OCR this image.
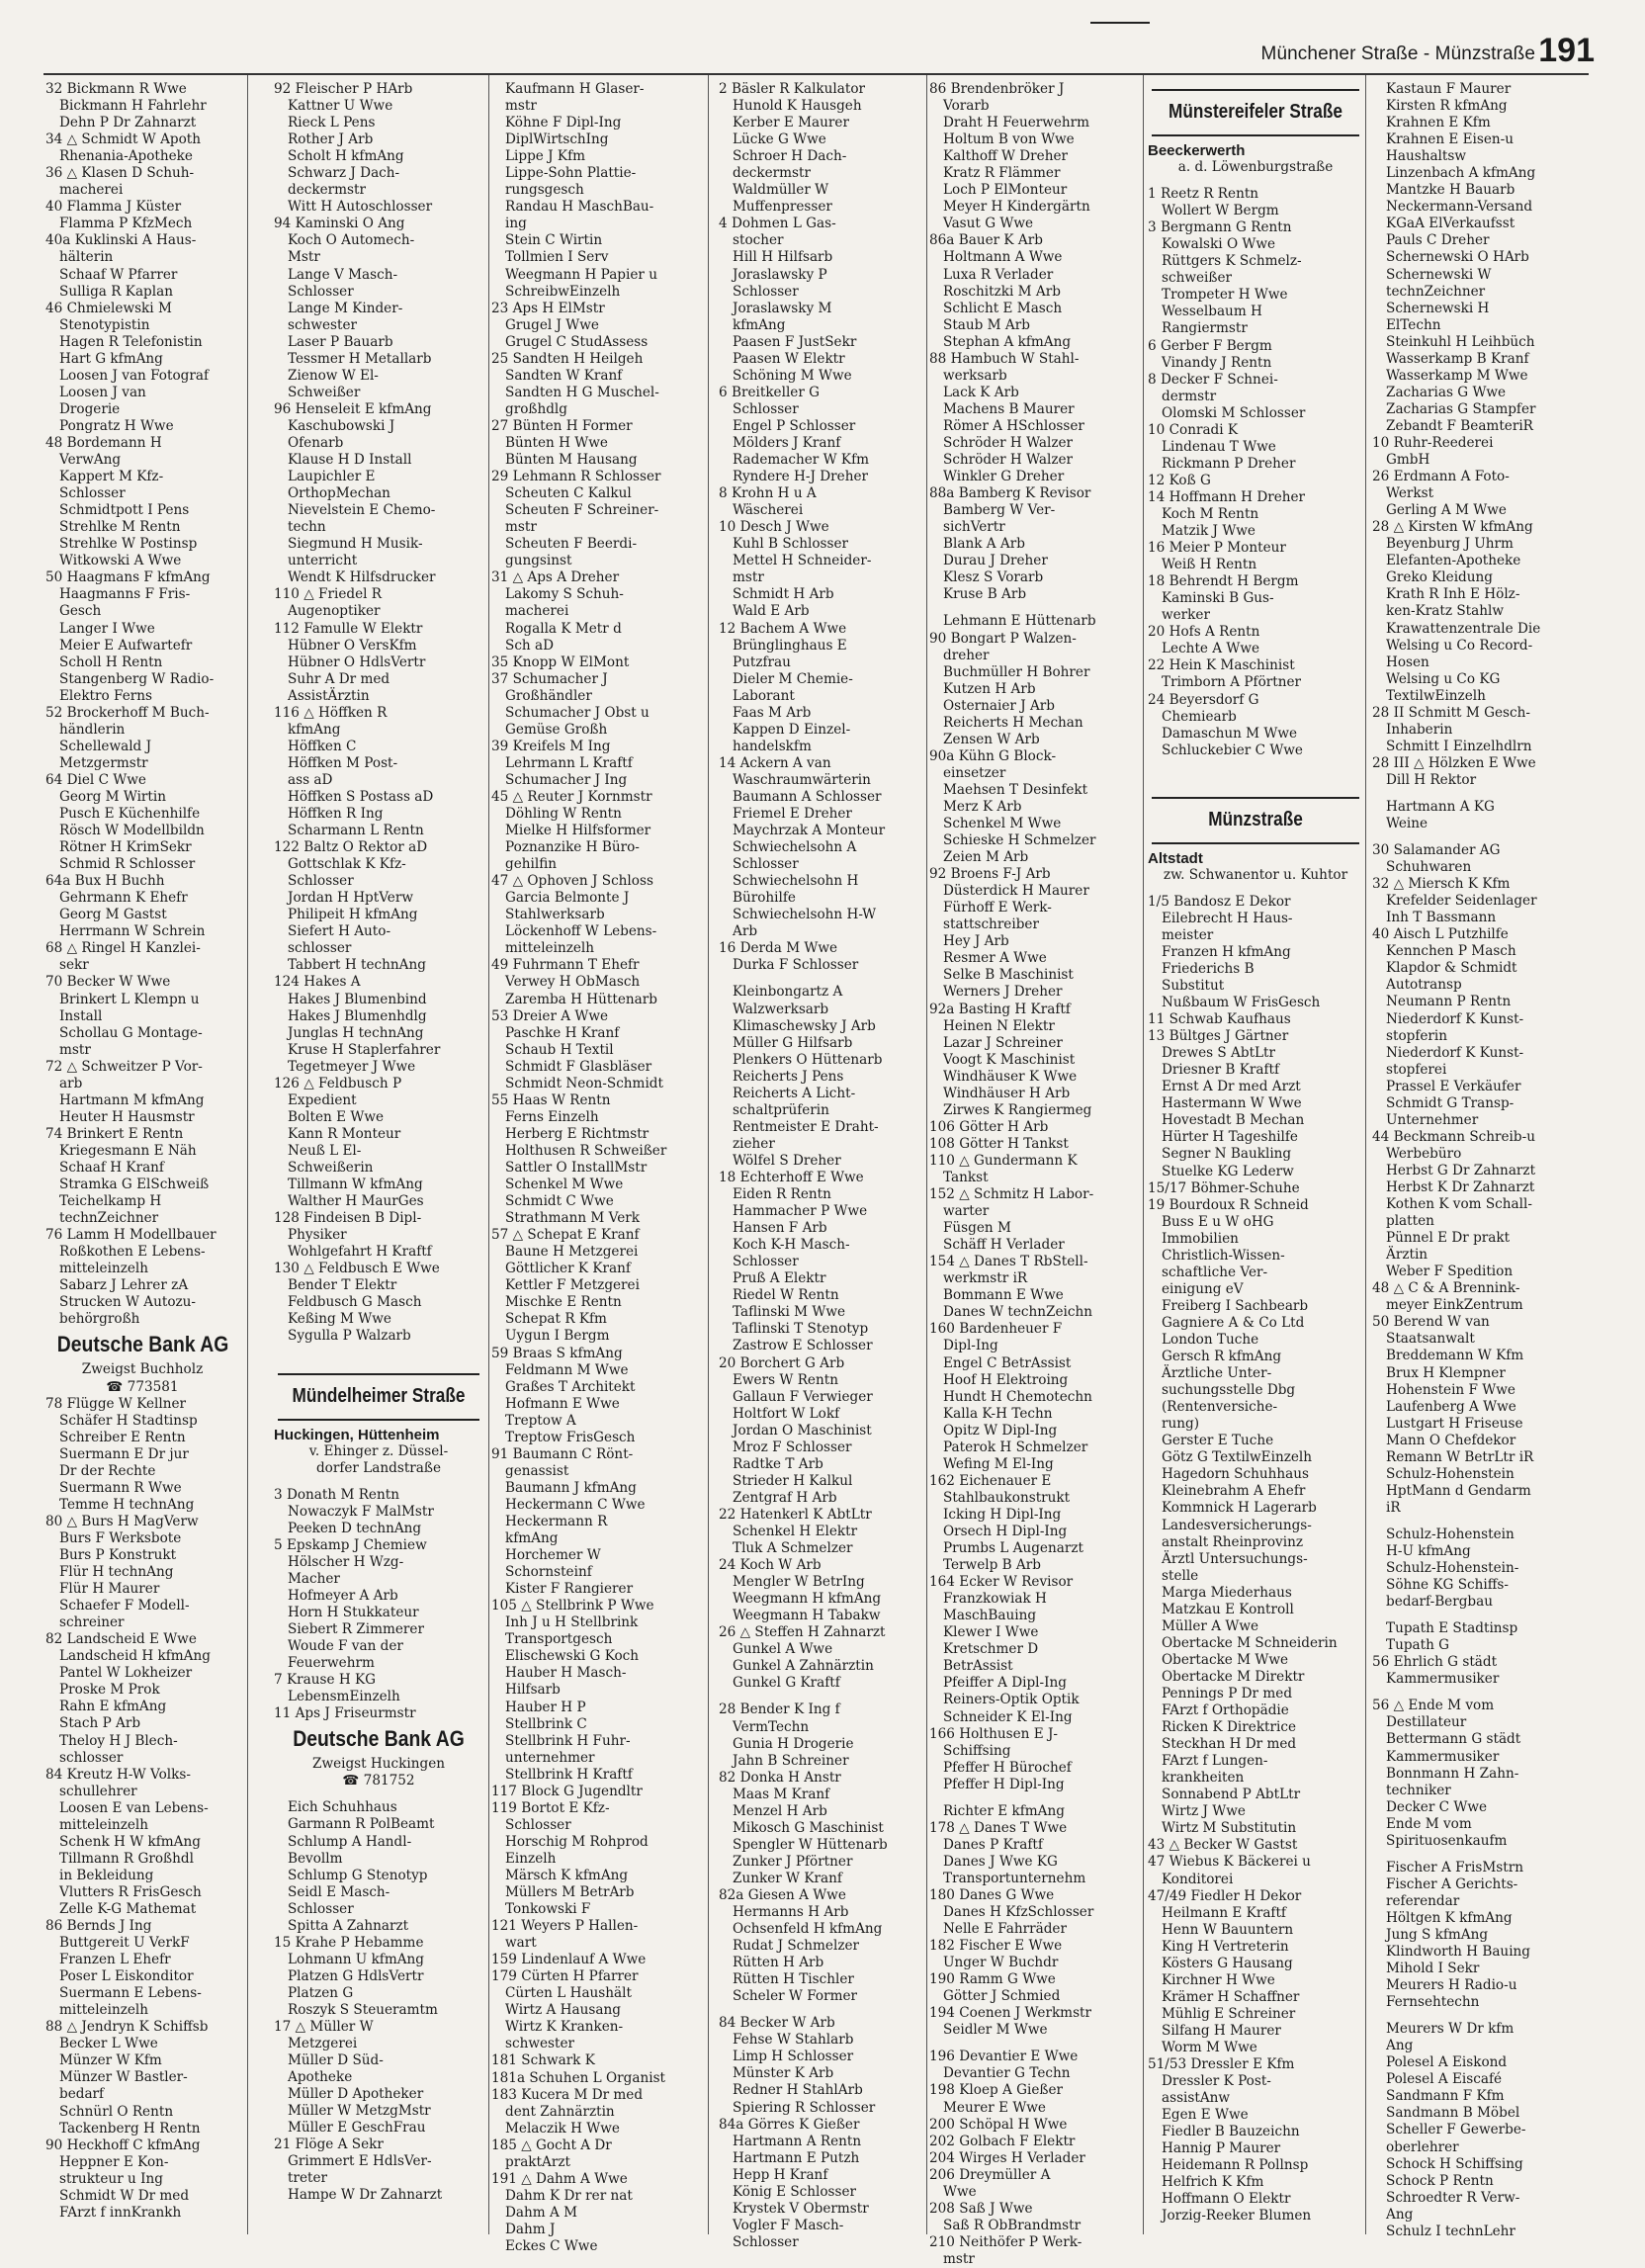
Münchener Straße - Münzstraße 191
32 Bickmann R Wwe
Bickmann H Fahrlehr
Dehn P Dr Zahnarzt
34 △ Schmidt W Apoth
Rhenania-Apotheke
36 △ Klasen D Schuh-
macherei
40 Flamma J Küster
Flamma P KfzMech
40a Kuklinski A Haus-
hälterin
Schaaf W Pfarrer
Sulliga R Kaplan
46 Chmielewski M
Stenotypistin
Hagen R Telefonistin
Hart G kfmAng
Loosen J van Fotograf
Loosen J van
Drogerie
Pongratz H Wwe
48 Bordemann H
VerwAng
Kappert M Kfz-
Schlosser
Schmidtpott I Pens
Strehlke M Rentn
Strehlke W Postinsp
Witkowski A Wwe
50 Haagmans F kfmAng
Haagmanns F Fris-
Gesch
Langer I Wwe
Meier E Aufwartefr
Scholl H Rentn
Stangenberg W Radio-
Elektro Ferns
52 Brockerhoff M Buch-
händlerin
Schellewald J
Metzgermstr
64 Diel C Wwe
Georg M Wirtin
Pusch E Küchenhilfe
Rösch W Modellbildn
Rötner H KrimSekr
Schmid R Schlosser
64a Bux H Buchh
Gehrmann K Ehefr
Georg M Gastst
Herrmann W Schrein
68 △ Ringel H Kanzlei-
sekr
70 Becker W Wwe
Brinkert L Klempn u
Install
Schollau G Montage-
mstr
72 △ Schweitzer P Vor-
arb
Hartmann M kfmAng
Heuter H Hausmstr
74 Brinkert E Rentn
Kriegesmann E Näh
Schaaf H Kranf
Stramka G ElSchweiß
Teichelkamp H
technZeichner
76 Lamm H Modellbauer
Roßkothen E Lebens-
mitteleinzelh
Sabarz J Lehrer zA
Strucken W Autozu-
behörgroßh
Deutsche Bank AG
Zweigst Buchholz
☎ 773581
78 Flügge W Kellner
Schäfer H Stadtinsp
Schreiber E Rentn
Suermann E Dr jur
Dr der Rechte
Suermann R Wwe
Temme H technAng
80 △ Burs H MagVerw
Burs F Werksbote
Burs P Konstrukt
Flür H technAng
Flür H Maurer
Schaefer F Modell-
schreiner
82 Landscheid E Wwe
Landscheid H kfmAng
Pantel W Lokheizer
Proske M Prok
Rahn E kfmAng
Stach P Arb
Theloy H J Blech-
schlosser
84 Kreutz H-W Volks-
schullehrer
Loosen E van Lebens-
mitteleinzelh
Schenk H W kfmAng
Tillmann R Großhdl
in Bekleidung
Vlutters R FrisGesch
Zelle K-G Mathemat
86 Bernds J Ing
Buttgereit U VerkF
Franzen L Ehefr
Poser L Eiskonditor
Suermann E Lebens-
mitteleinzelh
88 △ Jendryn K Schiffsb
Becker L Wwe
Münzer W Kfm
Münzer W Bastler-
bedarf
Schnürl O Rentn
Tackenberg H Rentn
90 Heckhoff C kfmAng
Heppner E Kon-
strukteur u Ing
Schmidt W Dr med
FArzt f innKrankh
92 Fleischer P HArb
Kattner U Wwe
Rieck L Pens
Rother J Arb
Scholt H kfmAng
Schwarz J Dach-
deckermstr
Witt H Autoschlosser
94 Kaminski O Ang
Koch O Automech-
Mstr
Lange V Masch-
Schlosser
Lange M Kinder-
schwester
Laser P Bauarb
Tessmer H Metallarb
Zienow W El-
Schweißer
96 Henseleit E kfmAng
Kaschubowski J
Ofenarb
Klause H D Install
Laupichler E
OrthopMechan
Nievelstein E Chemo-
techn
Siegmund H Musik-
unterricht
Wendt K Hilfsdrucker
110 △ Friedel R
Augenoptiker
112 Famulle W Elektr
Hübner O VersKfm
Hübner O HdlsVertr
Suhr A Dr med
AssistÄrztin
116 △ Höffken R
kfmAng
Höffken C
Höffken M Post-
ass aD
Höffken S Postass aD
Höffken R Ing
Scharmann L Rentn
122 Baltz O Rektor aD
Gottschlak K Kfz-
Schlosser
Jordan H HptVerw
Philipeit H kfmAng
Siefert H Auto-
schlosser
Tabbert H technAng
124 Hakes A
Hakes J Blumenbind
Hakes J Blumenhdlg
Junglas H technAng
Kruse H Staplerfahrer
Tegetmeyer J Wwe
126 △ Feldbusch P
Expedient
Bolten E Wwe
Kann R Monteur
Neuß L El-
Schweißerin
Tillmann W kfmAng
Walther H MaurGes
128 Findeisen B Dipl-
Physiker
Wohlgefahrt H Kraftf
130 △ Feldbusch E Wwe
Bender T Elektr
Feldbusch G Masch
Keßing M Wwe
Sygulla P Walzarb
Mündelheimer Straße
Huckingen, Hüttenheim
v. Ehinger z. Düssel-
dorfer Landstraße
3 Donath M Rentn
Nowaczyk F MalMstr
Peeken D technAng
5 Epskamp J Chemiew
Hölscher H Wzg-
Macher
Hofmeyer A Arb
Horn H Stukkateur
Siebert R Zimmerer
Woude F van der
Feuerwehrm
7 Krause H KG
LebensmEinzelh
11 Aps J Friseurmstr
Deutsche Bank AG
Zweigst Huckingen
☎ 781752
Eich Schuhhaus
Garmann R PolBeamt
Schlump A Handl-
Bevollm
Schlump G Stenotyp
Seidl E Masch-
Schlosser
Spitta A Zahnarzt
15 Krahe P Hebamme
Lohmann U kfmAng
Platzen G HdlsVertr
Platzen G
Roszyk S Steueramtm
17 △ Müller W
Metzgerei
Müller D Süd-
Apotheke
Müller D Apotheker
Müller W MetzgMstr
Müller E GeschFrau
21 Flöge A Sekr
Grimmert E HdlsVer-
treter
Hampe W Dr Zahnarzt
Kaufmann H Glaser-
mstr
Köhne F Dipl-Ing
DiplWirtschIng
Lippe J Kfm
Lippe-Sohn Plattie-
rungsgesch
Randau H MaschBau-
ing
Stein C Wirtin
Tollmien I Serv
Weegmann H Papier u
SchreibwEinzelh
23 Aps H ElMstr
Grugel J Wwe
Grugel C StudAssess
25 Sandten H Heilgeh
Sandten W Kranf
Sandten H G Muschel-
großhdlg
27 Bünten H Former
Bünten H Wwe
Bünten M Hausang
29 Lehmann R Schlosser
Scheuten C Kalkul
Scheuten F Schreiner-
mstr
Scheuten F Beerdi-
gungsinst
31 △ Aps A Dreher
Lakomy S Schuh-
macherei
Rogalla K Metr d
Sch aD
35 Knopp W ElMont
37 Schumacher J
Großhändler
Schumacher J Obst u
Gemüse Großh
39 Kreifels M Ing
Lehrmann L Kraftf
Schumacher J Ing
45 △ Reuter J Kornmstr
Döhling W Rentn
Mielke H Hilfsformer
Poznanzike H Büro-
gehilfin
47 △ Ophoven J Schloss
Garcia Belmonte J
Stahlwerksarb
Löckenhoff W Lebens-
mitteleinzelh
49 Fuhrmann T Ehefr
Verwey H ObMasch
Zaremba H Hüttenarb
53 Dreier A Wwe
Paschke H Kranf
Schaub H Textil
Schmidt F Glasbläser
Schmidt Neon-Schmidt
55 Haas W Rentn
Ferns Einzelh
Herberg E Richtmstr
Holthusen R Schweißer
Sattler O InstallMstr
Schenkel M Wwe
Schmidt C Wwe
Strathmann M Verk
57 △ Schepat E Kranf
Baune H Metzgerei
Göttlicher K Kranf
Kettler F Metzgerei
Mischke E Rentn
Schepat R Kfm
Uygun I Bergm
59 Braas S kfmAng
Feldmann M Wwe
Graßes T Architekt
Hofmann E Wwe
Treptow A
Treptow FrisGesch
91 Baumann C Rönt-
genassist
Baumann J kfmAng
Heckermann C Wwe
Heckermann R
kfmAng
Horchemer W
Schornsteinf
Kister F Rangierer
105 △ Stellbrink P Wwe
Inh J u H Stellbrink
Transportgesch
Elischewski G Koch
Hauber H Masch-
Hilfsarb
Hauber H P
Stellbrink C
Stellbrink H Fuhr-
unternehmer
Stellbrink H Kraftf
117 Block G Jugendltr
119 Bortot E Kfz-
Schlosser
Horschig M Rohprod
Einzelh
Märsch K kfmAng
Müllers M BetrArb
Tonkowski F
121 Weyers P Hallen-
wart
159 Lindenlauf A Wwe
179 Cürten H Pfarrer
Cürten L Haushält
Wirtz A Hausang
Wirtz K Kranken-
schwester
181 Schwark K
181a Schuhen L Organist
183 Kucera M Dr med
dent Zahnärztin
Melaczik H Wwe
185 △ Gocht A Dr
praktArzt
191 △ Dahm A Wwe
Dahm K Dr rer nat
Dahm A M
Dahm J
Eckes C Wwe
2 Bäsler R Kalkulator
Hunold K Hausgeh
Kerber E Maurer
Lücke G Wwe
Schroer H Dach-
deckermstr
Waldmüller W
Muffenpresser
4 Dohmen L Gas-
stocher
Hill H Hilfsarb
Joraslawsky P
Schlosser
Joraslawsky M
kfmAng
Paasen F JustSekr
Paasen W Elektr
Schöning M Wwe
6 Breitkeller G
Schlosser
Engel P Schlosser
Mölders J Kranf
Rademacher W Kfm
Ryndere H-J Dreher
8 Krohn H u A
Wäscherei
10 Desch J Wwe
Kuhl B Schlosser
Mettel H Schneider-
mstr
Schmidt H Arb
Wald E Arb
12 Bachem A Wwe
Brünglinghaus E
Putzfrau
Dieler M Chemie-
Laborant
Faas M Arb
Kappen D Einzel-
handelskfm
14 Ackern A van
Waschraumwärterin
Baumann A Schlosser
Friemel E Dreher
Maychrzak A Monteur
Schwiechelsohn A
Schlosser
Schwiechelsohn H
Bürohilfe
Schwiechelsohn H-W
Arb
16 Derda M Wwe
Durka F Schlosser
Kleinbongartz A
Walzwerksarb
Klimaschewsky J Arb
Müller G Hilfsarb
Plenkers O Hüttenarb
Reicherts J Pens
Reicherts A Licht-
schaltprüferin
Rentmeister E Draht-
zieher
Wölfel S Dreher
18 Echterhoff E Wwe
Eiden R Rentn
Hammacher P Wwe
Hansen F Arb
Koch K-H Masch-
Schlosser
Pruß A Elektr
Riedel W Rentn
Taflinski M Wwe
Taflinski T Stenotyp
Zastrow E Schlosser
20 Borchert G Arb
Ewers W Rentn
Gallaun F Verwieger
Holtfort W Lokf
Jordan O Maschinist
Mroz F Schlosser
Radtke T Arb
Strieder H Kalkul
Zentgraf H Arb
22 Hatenkerl K AbtLtr
Schenkel H Elektr
Tluk A Schmelzer
24 Koch W Arb
Mengler W BetrIng
Weegmann H kfmAng
Weegmann H Tabakw
26 △ Steffen H Zahnarzt
Gunkel A Wwe
Gunkel A Zahnärztin
Gunkel G Kraftf
28 Bender K Ing f
VermTechn
Gunia H Drogerie
Jahn B Schreiner
82 Donka H Anstr
Maas M Kranf
Menzel H Arb
Mikosch G Maschinist
Spengler W Hüttenarb
Zunker J Pförtner
Zunker W Kranf
82a Giesen A Wwe
Hermanns H Arb
Ochsenfeld H kfmAng
Rudat J Schmelzer
Rütten H Arb
Rütten H Tischler
Scheler W Former
84 Becker W Arb
Fehse W Stahlarb
Limp H Schlosser
Münster K Arb
Redner H StahlArb
Spiering R Schlosser
84a Görres K Gießer
Hartmann A Rentn
Hartmann E Putzh
Hepp H Kranf
König E Schlosser
Krystek V Obermstr
Vogler F Masch-
Schlosser
86 Brendenbröker J
Vorarb
Draht H Feuerwehrm
Holtum B von Wwe
Kalthoff W Dreher
Kratz R Flämmer
Loch P ElMonteur
Meyer H Kindergärtn
Vasut G Wwe
86a Bauer K Arb
Holtmann A Wwe
Luxa R Verlader
Roschitzki M Arb
Schlicht E Masch
Staub M Arb
Stephan A kfmAng
88 Hambuch W Stahl-
werksarb
Lack K Arb
Machens B Maurer
Römer A HSchlosser
Schröder H Walzer
Schröder H Walzer
Winkler G Dreher
88a Bamberg K Revisor
Bamberg W Ver-
sichVertr
Blank A Arb
Durau J Dreher
Klesz S Vorarb
Kruse B Arb
Lehmann E Hüttenarb
90 Bongart P Walzen-
dreher
Buchmüller H Bohrer
Kutzen H Arb
Osternaier J Arb
Reicherts H Mechan
Zensen W Arb
90a Kühn G Block-
einsetzer
Maehsen T Desinfekt
Merz K Arb
Schenkel M Wwe
Schieske H Schmelzer
Zeien M Arb
92 Broens F-J Arb
Düsterdick H Maurer
Fürhoff E Werk-
stattschreiber
Hey J Arb
Resmer A Wwe
Selke B Maschinist
Werners J Dreher
92a Basting H Kraftf
Heinen N Elektr
Lazar J Schreiner
Voogt K Maschinist
Windhäuser K Wwe
Windhäuser H Arb
Zirwes K Rangiermeg
106 Götter H Arb
108 Götter H Tankst
110 △ Gundermann K
Tankst
152 △ Schmitz H Labor-
warter
Füsgen M
Schäff H Verlader
154 △ Danes T RbStell-
werkmstr iR
Bommann E Wwe
Danes W technZeichn
160 Bardenheuer F
Dipl-Ing
Engel C BetrAssist
Hoof H Elektroing
Hundt H Chemotechn
Kalla K-H Techn
Opitz W Dipl-Ing
Paterok H Schmelzer
Wefing M El-Ing
162 Eichenauer E
Stahlbaukonstrukt
Icking H Dipl-Ing
Orsech H Dipl-Ing
Prumbs L Augenarzt
Terwelp B Arb
164 Ecker W Revisor
Franzkowiak H
MaschBauing
Klewer I Wwe
Kretschmer D
BetrAssist
Pfeiffer A Dipl-Ing
Reiners-Optik Optik
Schneider K El-Ing
166 Holthusen E J-
Schiffsing
Pfeffer H Bürochef
Pfeffer H Dipl-Ing
Richter E kfmAng
178 △ Danes T Wwe
Danes P Kraftf
Danes J Wwe KG
Transportunternehm
180 Danes G Wwe
Danes H KfzSchlosser
Nelle E Fahrräder
182 Fischer E Wwe
Unger W Buchdr
190 Ramm G Wwe
Götter J Schmied
194 Coenen J Werkmstr
Seidler M Wwe
196 Devantier E Wwe
Devantier G Techn
198 Kloep A Gießer
Meurer E Wwe
200 Schöpal H Wwe
202 Golbach F Elektr
204 Wirges H Verlader
206 Dreymüller A
Wwe
208 Saß J Wwe
Saß R ObBrandmstr
210 Neithöfer P Werk-
mstr
Münstereifeler Straße
Beeckerwerth
a. d. Löwenburgstraße
1 Reetz R Rentn
Wollert W Bergm
3 Bergmann G Rentn
Kowalski O Wwe
Rüttgers K Schmelz-
schweißer
Trompeter H Wwe
Wesselbaum H
Rangiermstr
6 Gerber F Bergm
Vinandy J Rentn
8 Decker F Schnei-
dermstr
Olomski M Schlosser
10 Conradi K
Lindenau T Wwe
Rickmann P Dreher
12 Koß G
14 Hoffmann H Dreher
Koch M Rentn
Matzik J Wwe
16 Meier P Monteur
Weiß H Rentn
18 Behrendt H Bergm
Kaminski B Gus-
werker
20 Hofs A Rentn
Lechte A Wwe
22 Hein K Maschinist
Trimborn A Pförtner
24 Beyersdorf G
Chemiearb
Damaschun M Wwe
Schluckebier C Wwe
Münzstraße
Altstadt
zw. Schwanentor u. Kuhtor
1/5 Bandosz E Dekor
Eilebrecht H Haus-
meister
Franzen H kfmAng
Friederichs B
Substitut
Nußbaum W FrisGesch
11 Schwab Kaufhaus
13 Bültges J Gärtner
Drewes S AbtLtr
Driesner B Kraftf
Ernst A Dr med Arzt
Hastermann W Wwe
Hovestadt B Mechan
Hürter H Tageshilfe
Segner N Baukling
Stuelke KG Lederw
15/17 Böhmer-Schuhe
19 Bourdoux R Schneid
Buss E u W oHG
Immobilien
Christlich-Wissen-
schaftliche Ver-
einigung eV
Freiberg I Sachbearb
Gagniere A & Co Ltd
London Tuche
Gersch R kfmAng
Ärztliche Unter-
suchungsstelle Dbg
(Rentenversiche-
rung)
Gerster E Tuche
Götz G TextilwEinzelh
Hagedorn Schuhhaus
Kleinebrahm A Ehefr
Kommnick H Lagerarb
Landesversicherungs-
anstalt Rheinprovinz
Ärztl Untersuchungs-
stelle
Marga Miederhaus
Matzkau E Kontroll
Müller A Wwe
Obertacke M Schneiderin
Obertacke M Wwe
Obertacke M Direktr
Pennings P Dr med
FArzt f Orthopädie
Ricken K Direktrice
Steckhan H Dr med
FArzt f Lungen-
krankheiten
Sonnabend P AbtLtr
Wirtz J Wwe
Wirtz M Substitutin
43 △ Becker W Gastst
47 Wiebus K Bäckerei u
Konditorei
47/49 Fiedler H Dekor
Heilmann E Kraftf
Henn W Bauuntern
King H Vertreterin
Kösters G Hausang
Kirchner H Wwe
Krämer H Schaffner
Mühlig E Schreiner
Silfang H Maurer
Worm M Wwe
51/53 Dressler E Kfm
Dressler K Post-
assistAnw
Egen E Wwe
Fiedler B Bauzeichn
Hannig P Maurer
Heidemann R Pollnsp
Helfrich K Kfm
Hoffmann O Elektr
Jorzig-Reeker Blumen
Kastaun F Maurer
Kirsten R kfmAng
Krahnen E Kfm
Krahnen E Eisen-u
Haushaltsw
Linzenbach A kfmAng
Mantzke H Bauarb
Neckermann-Versand
KGaA ElVerkaufsst
Pauls C Dreher
Schernewski O HArb
Schernewski W
technZeichner
Schernewski H
ElTechn
Steinkuhl H Leihbüch
Wasserkamp B Kranf
Wasserkamp M Wwe
Zacharias G Wwe
Zacharias G Stampfer
Zebandt F BeamteriR
10 Ruhr-Reederei
GmbH
26 Erdmann A Foto-
Werkst
Gerling A M Wwe
28 △ Kirsten W kfmAng
Beyenburg J Uhrm
Elefanten-Apotheke
Greko Kleidung
Krath R Inh E Hölz-
ken-Kratz Stahlw
Krawattenzentrale Die
Welsing u Co Record-
Hosen
Welsing u Co KG
TextilwEinzelh
28 II Schmitt M Gesch-
Inhaberin
Schmitt I Einzelhdlrn
28 III △ Hölzken E Wwe
Dill H Rektor
Hartmann A KG
Weine
30 Salamander AG
Schuhwaren
32 △ Miersch K Kfm
Krefelder Seidenlager
Inh T Bassmann
40 Aisch L Putzhilfe
Kennchen P Masch
Klapdor & Schmidt
Autotransp
Neumann P Rentn
Niederdorf K Kunst-
stopferin
Niederdorf K Kunst-
stopferei
Prassel E Verkäufer
Schmidt G Transp-
Unternehmer
44 Beckmann Schreib-u
Werbebüro
Herbst G Dr Zahnarzt
Herbst K Dr Zahnarzt
Kothen K vom Schall-
platten
Pünnel E Dr prakt
Ärztin
Weber F Spedition
48 △ C & A Brennink-
meyer EinkZentrum
50 Berend W van
Staatsanwalt
Breddemann W Kfm
Brux H Klempner
Hohenstein F Wwe
Laufenberg A Wwe
Lustgart H Friseuse
Mann O Chefdekor
Remann W BetrLtr iR
Schulz-Hohenstein
HptMann d Gendarm
iR
Schulz-Hohenstein
H-U kfmAng
Schulz-Hohenstein-
Söhne KG Schiffs-
bedarf-Bergbau
Tupath E Stadtinsp
Tupath G
56 Ehrlich G städt
Kammermusiker
56 △ Ende M vom
Destillateur
Bettermann G städt
Kammermusiker
Bonnmann H Zahn-
techniker
Decker C Wwe
Ende M vom
Spirituosenkaufm
Fischer A FrisMstrn
Fischer A Gerichts-
referendar
Höltgen K kfmAng
Jung S kfmAng
Klindworth H Bauing
Mihold I Sekr
Meurers H Radio-u
Fernsehtechn
Meurers W Dr kfm
Ang
Polesel A Eiskond
Polesel A Eiscafé
Sandmann F Kfm
Sandmann B Möbel
Scheller F Gewerbe-
oberlehrer
Schock H Schiffsing
Schock P Rentn
Schroedter R Verw-
Ang
Schulz I technLehr
